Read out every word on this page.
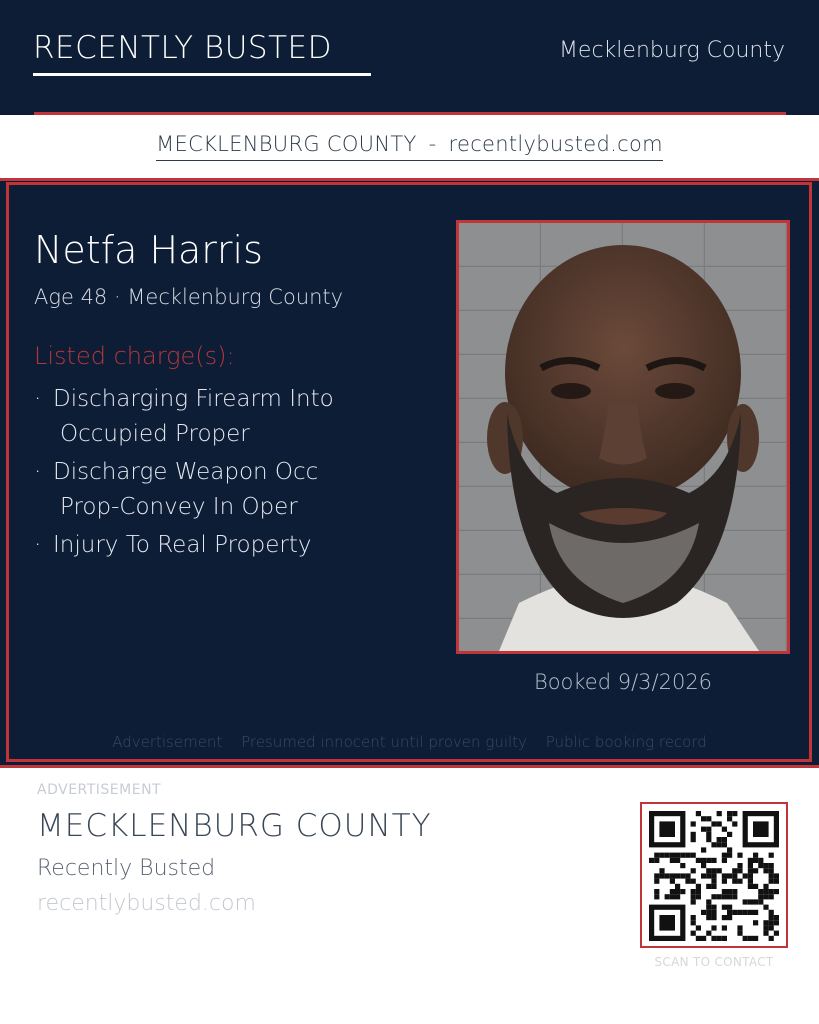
RECENTLY BUSTED	Mecklenburg County
MECKLENBURG COUNTY - recentlybusted.com
Netfa Harris
Age 48 · Mecklenburg County
Listed charge(s):
· Discharging Firearm Into
Occupied Proper
· Discharge Weapon Occ
Prop-Convey In Oper
· Injury To Real Property
Booked 9/3/2026
Advertisement Presumed innocent until proven guilty Public booking record
ADVERTISEMENT
MECKLENBURG COUNTY
Recently Busted
recentlybusted.com
SCAN TO CONTACT
